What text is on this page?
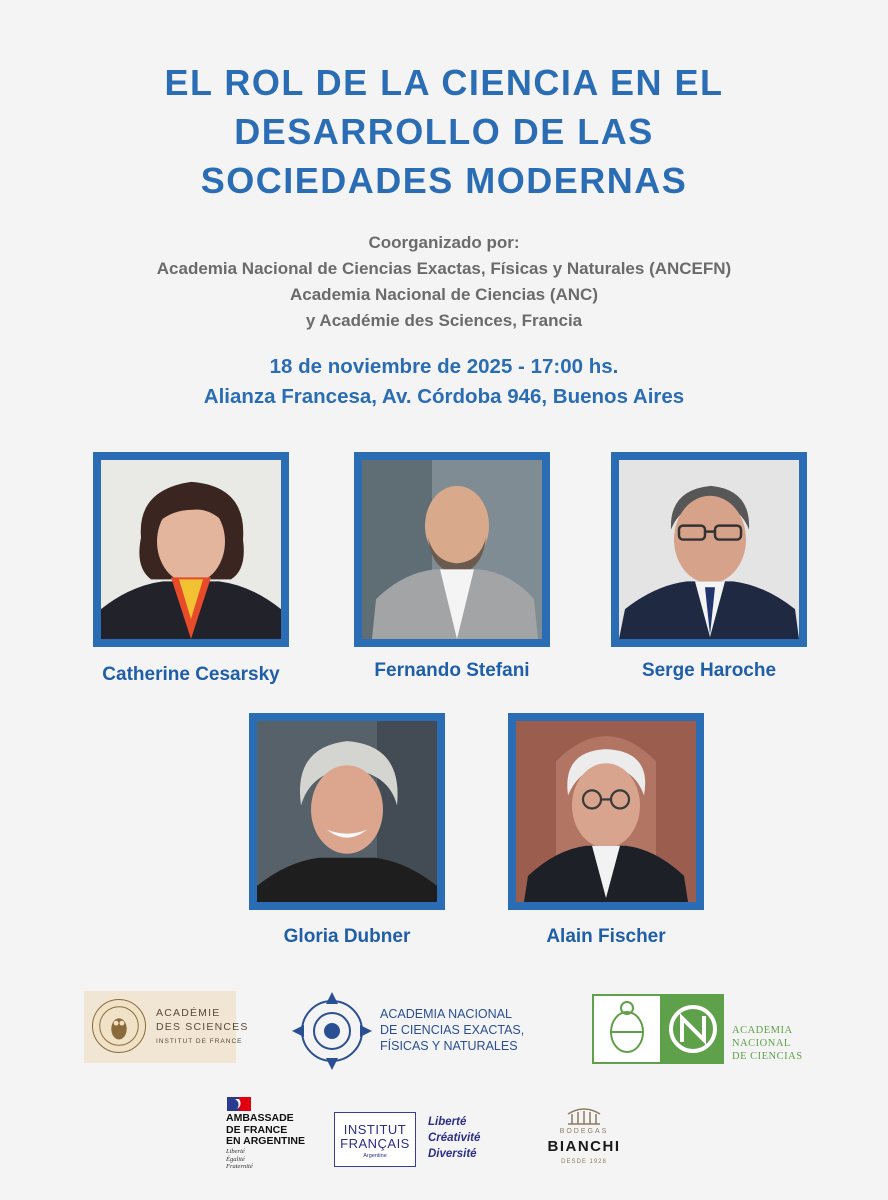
EL ROL DE LA CIENCIA EN EL
DESARROLLO DE LAS
SOCIEDADES MODERNAS
Coorganizado por:
Academia Nacional de Ciencias Exactas, Físicas y Naturales (ANCEFN)
Academia Nacional de Ciencias (ANC)
y Académie des Sciences, Francia
18 de noviembre de 2025 - 17:00 hs.
Alianza Francesa, Av. Córdoba 946, Buenos Aires
Catherine Cesarsky	Fernando Stefani	Serge Haroche
Gloria Dubner	Alain Fischer
ACADÉMIE
DES SCIENCES
INSTITUT DE FRANCE
ACADEMIA NACIONAL
DE CIENCIAS EXACTAS,
FÍSICAS Y NATURALES
ACADEMIA
NACIONAL
DE CIENCIAS
AMBASSADE
DE FRANCE
EN ARGENTINE
Liberté
Égalité
Fraternité
INSTITUT
FRANÇAIS
Argentine
Liberté
Créativité
Diversité
BODEGAS
BIANCHI
DESDE 1928
